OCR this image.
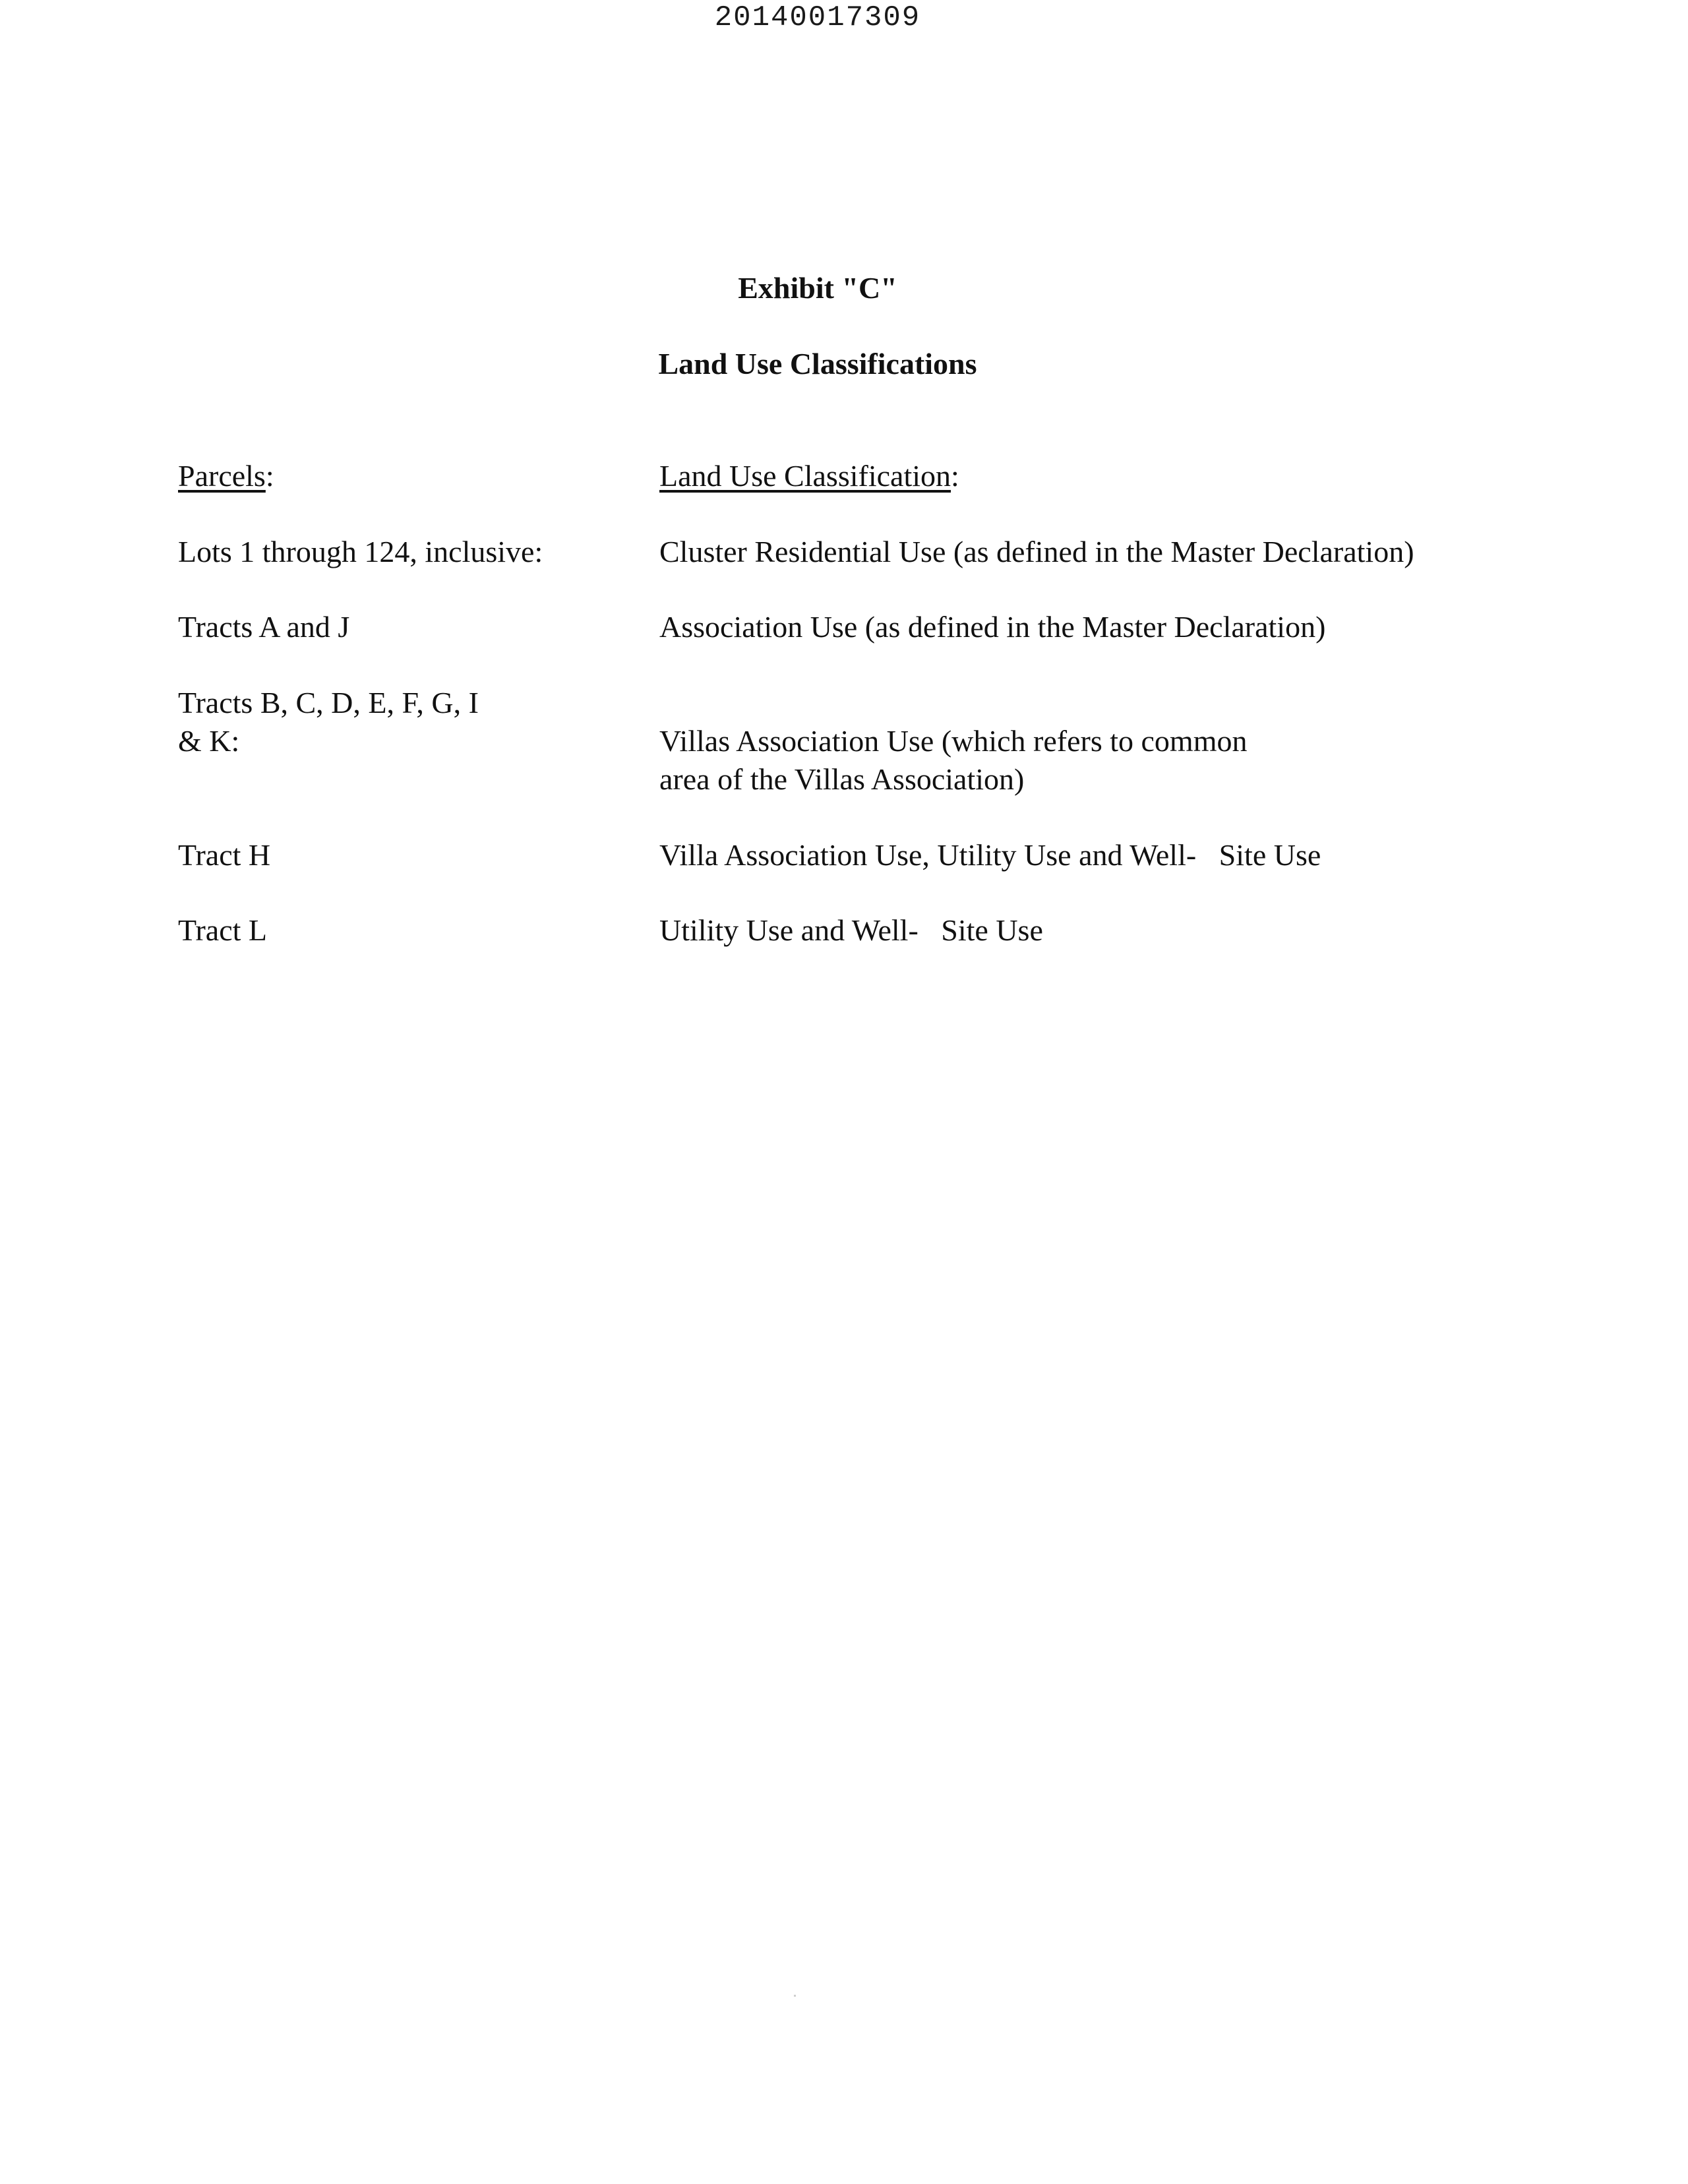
20140017309
Exhibit "C"
Land Use Classifications
Parcels:	Land Use Classification:
Lots 1 through 124, inclusive:	Cluster Residential Use (as defined in the Master Declaration)
Tracts A and J	Association Use (as defined in the Master Declaration)
Tracts B, C, D, E, F, G, I
& K:	Villas Association Use (which refers to common
area of the Villas Association)
Tract H	Villa Association Use, Utility Use and Well-   Site Use
Tract L	Utility Use and Well-   Site Use
